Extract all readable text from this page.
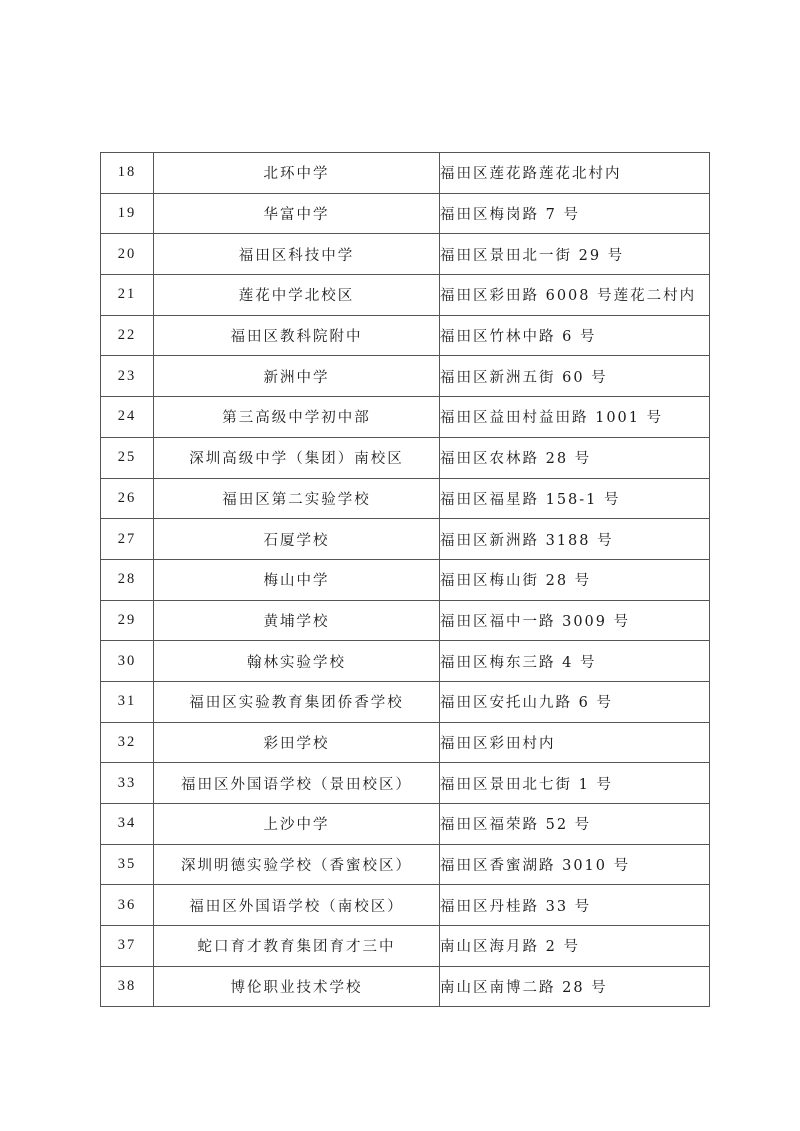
18	北环中学	福田区莲花路莲花北村内
19	华富中学	福田区梅岗路 7 号
20	福田区科技中学	福田区景田北一街 29 号
21	莲花中学北校区	福田区彩田路 6008 号莲花二村内
22	福田区教科院附中	福田区竹林中路 6 号
23	新洲中学	福田区新洲五街 60 号
24	第三高级中学初中部	福田区益田村益田路 1001 号
25	深圳高级中学（集团）南校区	福田区农林路 28 号
26	福田区第二实验学校	福田区福星路 158-1 号
27	石厦学校	福田区新洲路 3188 号
28	梅山中学	福田区梅山街 28 号
29	黄埔学校	福田区福中一路 3009 号
30	翰林实验学校	福田区梅东三路 4 号
31	福田区实验教育集团侨香学校	福田区安托山九路 6 号
32	彩田学校	福田区彩田村内
33	福田区外国语学校（景田校区）	福田区景田北七街 1 号
34	上沙中学	福田区福荣路 52 号
35	深圳明德实验学校（香蜜校区）	福田区香蜜湖路 3010 号
36	福田区外国语学校（南校区）	福田区丹桂路 33 号
37	蛇口育才教育集团育才三中	南山区海月路 2 号
38	博伦职业技术学校	南山区南博二路 28 号
